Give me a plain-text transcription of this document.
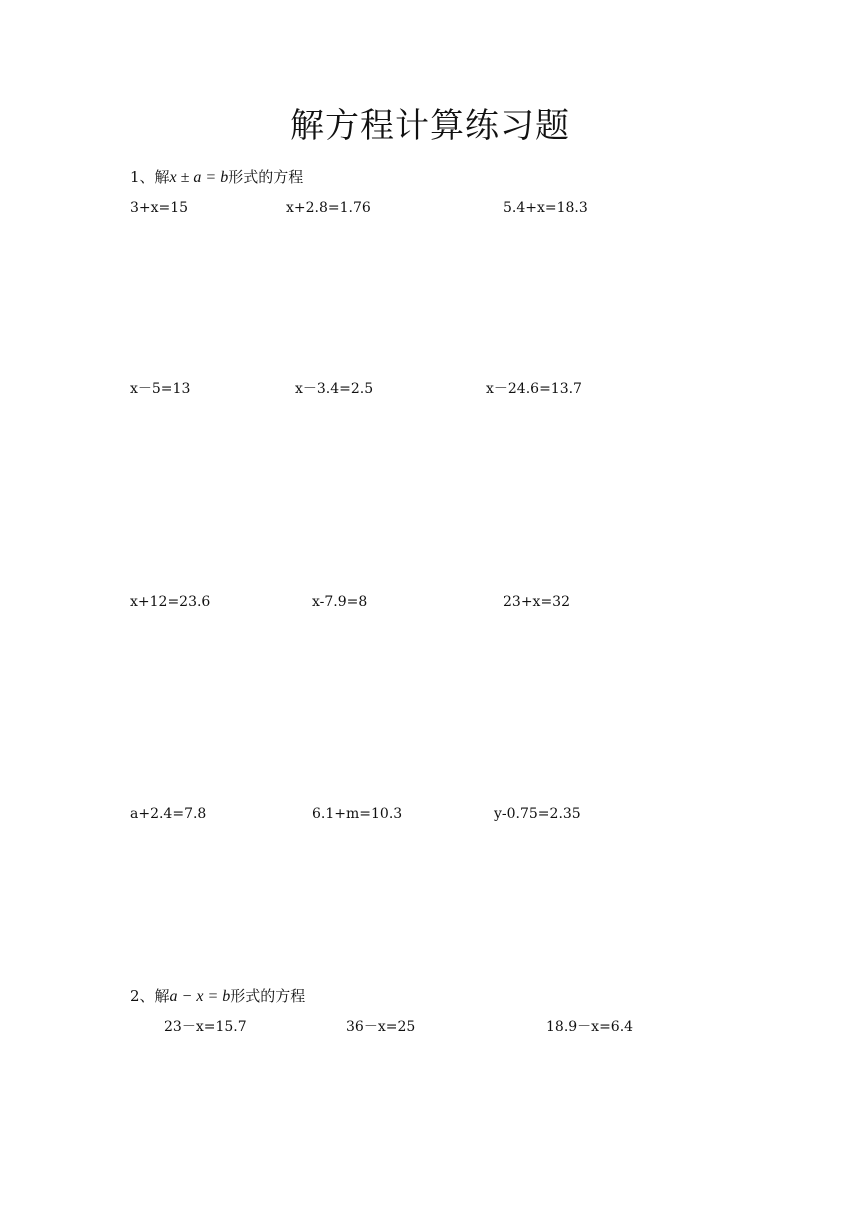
解方程计算练习题
1、解x ± a = b形式的方程
3+x=15	x+2.8=1.76	5.4+x=18.3
x－5=13	x－3.4=2.5	x－24.6=13.7
x+12=23.6	x-7.9=8	23+x=32
a+2.4=7.8	6.1+m=10.3	y-0.75=2.35
2、解a − x = b形式的方程
23－x=15.7	36－x=25	18.9－x=6.4
